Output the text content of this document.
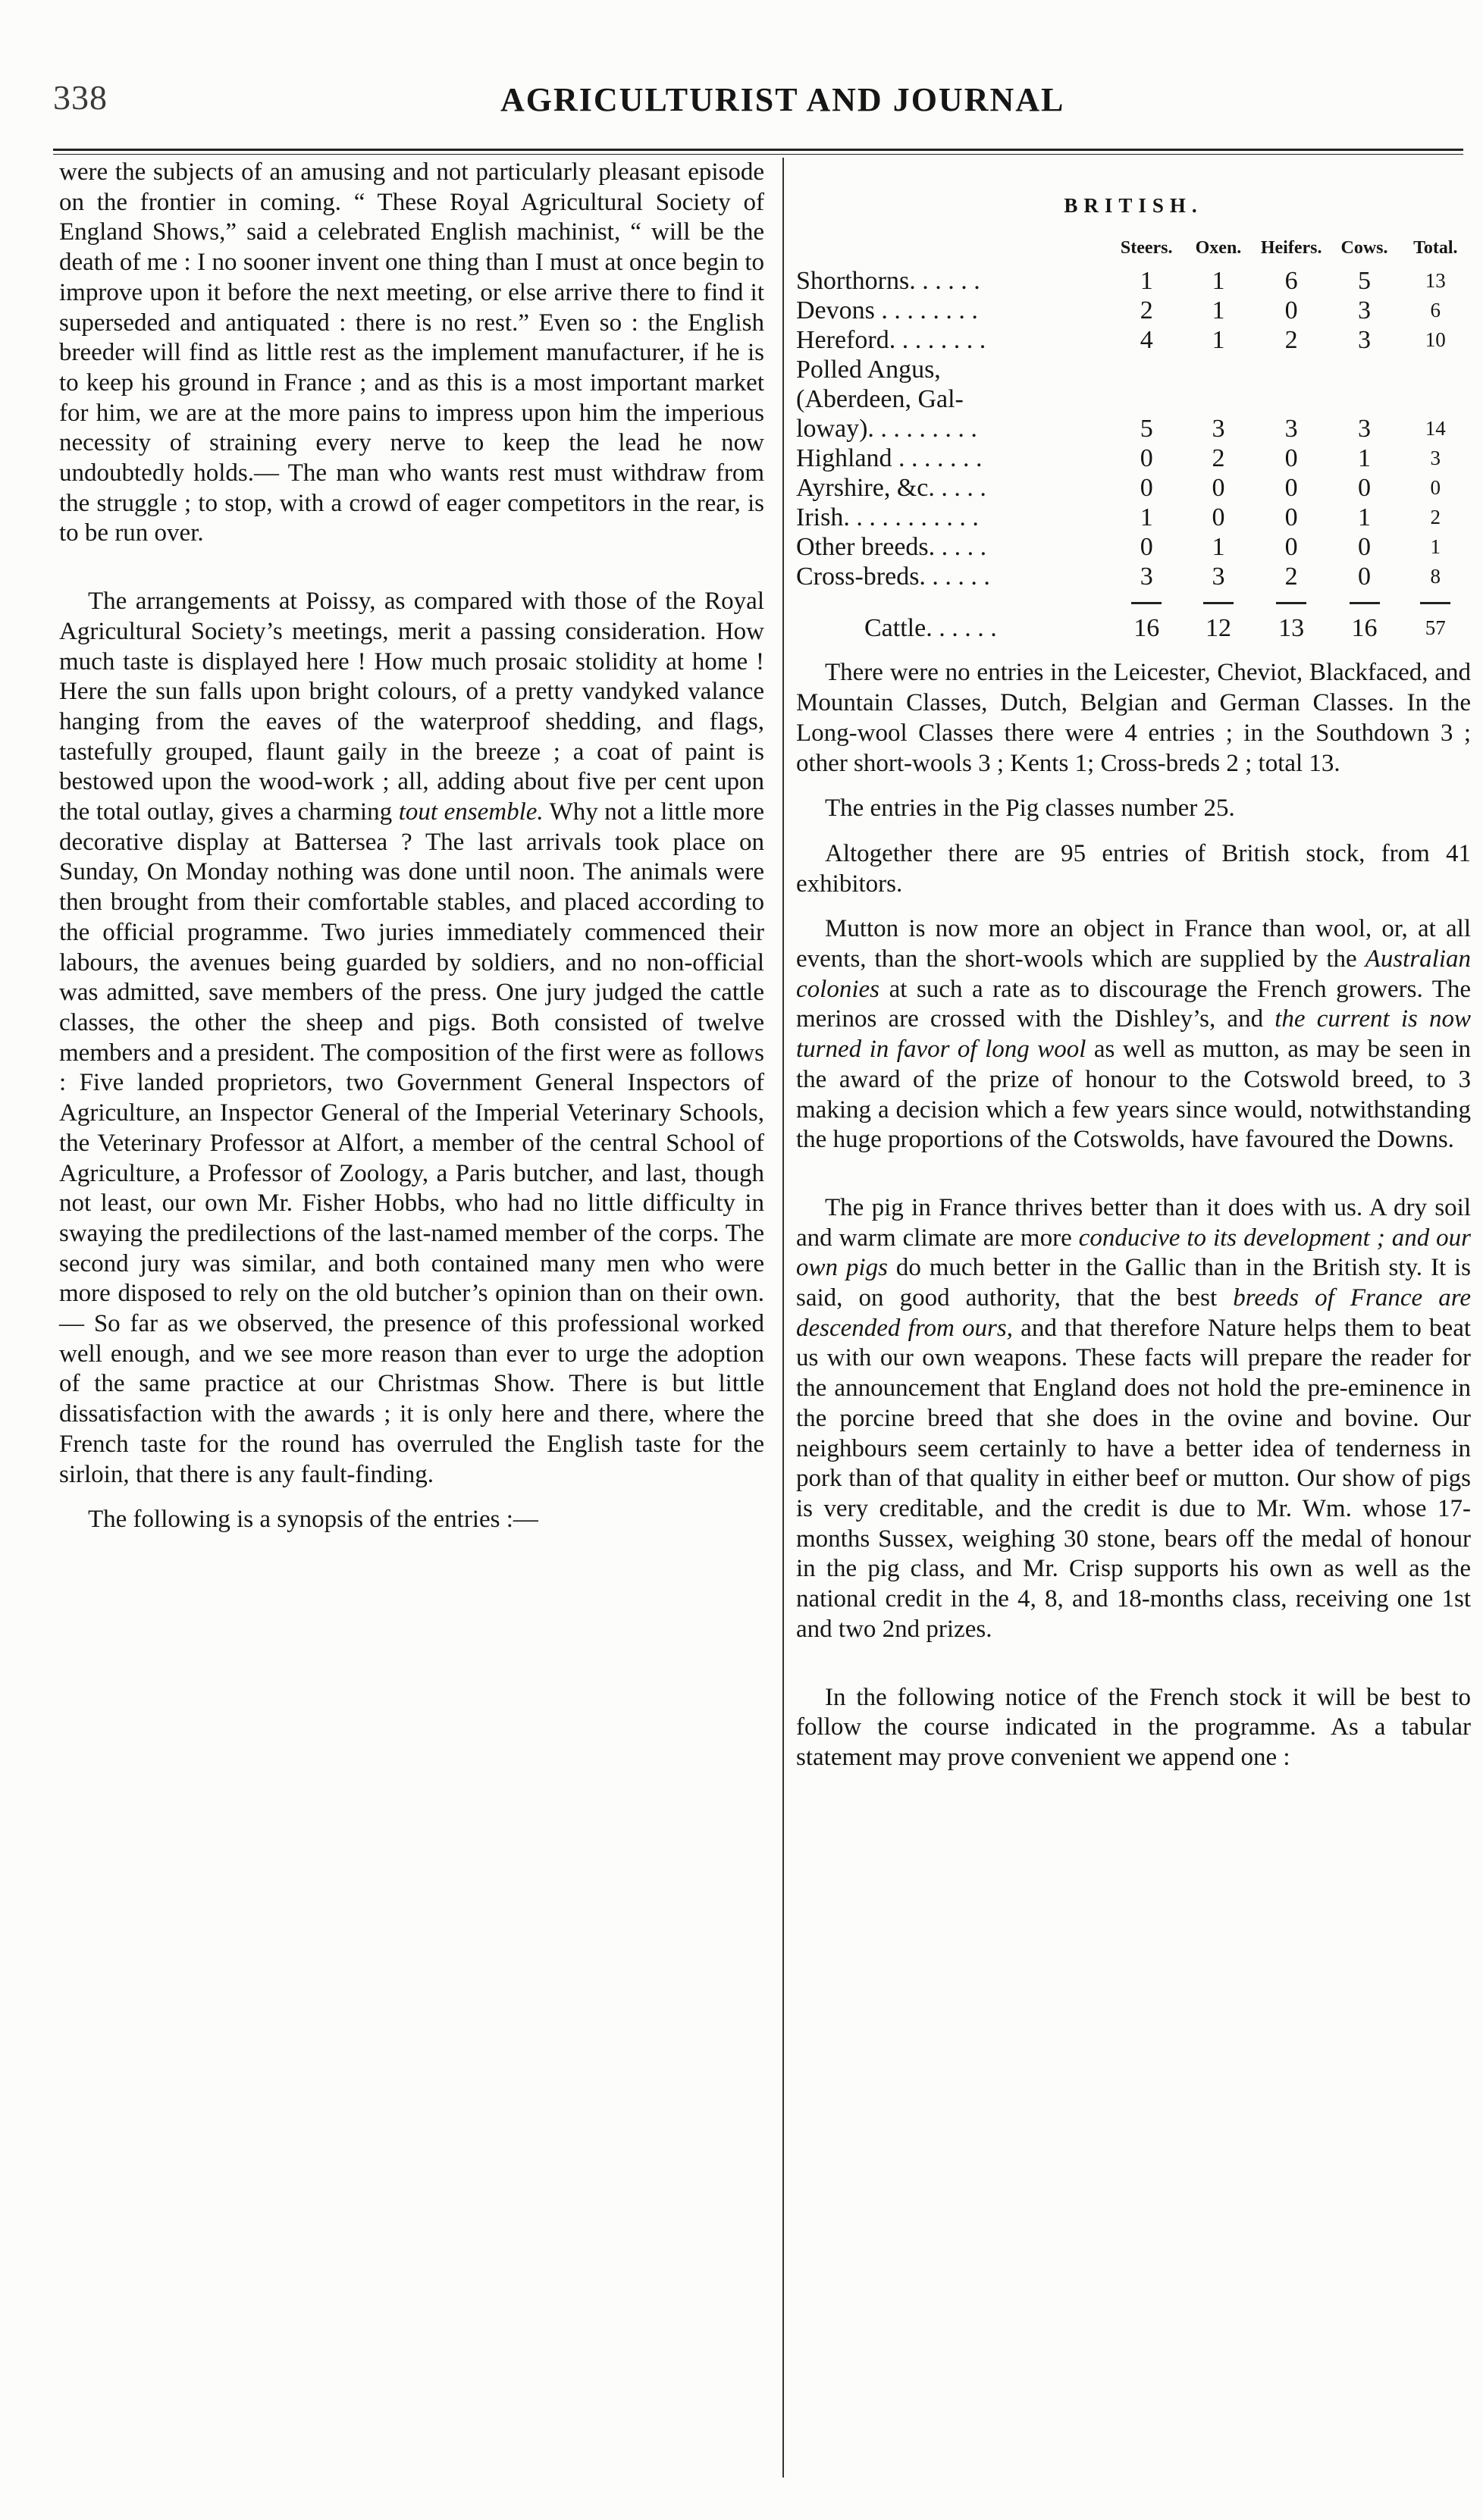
338	AGRICULTURIST AND JOURNAL

were the subjects of an amusing and not particularly pleasant episode on the frontier in coming. “ These Royal Agricultural Society of England Shows,” said a celebrated English machinist, “ will be the death of me : I no sooner invent one thing than I must at once begin to improve upon it before the next meeting, or else arrive there to find it superseded and antiquated : there is no rest.” Even so : the English breeder will find as little rest as the implement manufacturer, if he is to keep his ground in France ; and as this is a most important market for him, we are at the more pains to impress upon him the imperious necessity of straining every nerve to keep the lead he now undoubtedly holds.— The man who wants rest must withdraw from the struggle ; to stop, with a crowd of eager competitors in the rear, is to be run over.

The arrangements at Poissy, as compared with those of the Royal Agricultural Society’s meetings, merit a passing consideration. How much taste is displayed here ! How much prosaic stolidity at home ! Here the sun falls upon bright colours, of a pretty vandyked valance hanging from the eaves of the waterproof shedding, and flags, tastefully grouped, flaunt gaily in the breeze ; a coat of paint is bestowed upon the wood-work ; all, adding about five per cent upon the total outlay, gives a charming tout ensemble. Why not a little more decorative display at Battersea ? The last arrivals took place on Sunday, On Monday nothing was done until noon. The animals were then brought from their comfortable stables, and placed according to the official programme. Two juries immediately commenced their labours, the avenues being guarded by soldiers, and no non-official was admitted, save members of the press. One jury judged the cattle classes, the other the sheep and pigs. Both consisted of twelve members and a president. The composition of the first were as follows : Five landed proprietors, two Government General Inspectors of Agriculture, an Inspector General of the Imperial Veterinary Schools, the Veterinary Professor at Alfort, a member of the central School of Agriculture, a Professor of Zoology, a Paris butcher, and last, though not least, our own Mr. Fisher Hobbs, who had no little difficulty in swaying the predilections of the last-named member of the corps. The second jury was similar, and both contained many men who were more disposed to rely on the old butcher’s opinion than on their own.— So far as we observed, the presence of this professional worked well enough, and we see more reason than ever to urge the adoption of the same practice at our Christmas Show. There is but little dissatisfaction with the awards ; it is only here and there, where the French taste for the round has overruled the English taste for the sirloin, that there is any fault-finding.

The following is a synopsis of the entries :—

BRITISH.
	Steers.	Oxen.	Heifers.	Cows.	Total.
Shorthorns. . . . . .	1	1	6	5	13
Devons . . . . . . . .	2	1	0	3	6
Hereford. . . . . . . .	4	1	2	3	10
Polled Angus,					
(Aberdeen, Gal-					
loway). . . . . . . . .	5	3	3	3	14
Highland . . . . . . .	0	2	0	1	3
Ayrshire, &c. . . . .	0	0	0	0	0
Irish. . . . . . . . . . .	1	0	0	1	2
Other breeds. . . . .	0	1	0	0	1
Cross-breds. . . . . .	3	3	2	0	8

Cattle. . . . . .	16	12	13	16	57

There were no entries in the Leicester, Cheviot, Blackfaced, and Mountain Classes, Dutch, Belgian and German Classes. In the Long-wool Classes there were 4 entries ; in the Southdown 3 ; other short-wools 3 ; Kents 1; Cross-breds 2 ; total 13.

The entries in the Pig classes number 25.

Altogether there are 95 entries of British stock, from 41 exhibitors.

Mutton is now more an object in France than wool, or, at all events, than the short-wools which are supplied by the Australian colonies at such a rate as to discourage the French growers. The merinos are crossed with the Dishley’s, and the current is now turned in favor of long wool as well as mutton, as may be seen in the award of the prize of honour to the Cotswold breed, to 3 making a decision which a few years since would, notwithstanding the huge proportions of the Cotswolds, have favoured the Downs.

The pig in France thrives better than it does with us. A dry soil and warm climate are more conducive to its development ; and our own pigs do much better in the Gallic than in the British sty. It is said, on good authority, that the best breeds of France are descended from ours, and that therefore Nature helps them to beat us with our own weapons. These facts will prepare the reader for the announcement that England does not hold the pre-eminence in the porcine breed that she does in the ovine and bovine. Our neighbours seem certainly to have a better idea of tenderness in pork than of that quality in either beef or mutton. Our show of pigs is very creditable, and the credit is due to Mr. Wm. whose 17-months Sussex, weighing 30 stone, bears off the medal of honour in the pig class, and Mr. Crisp supports his own as well as the national credit in the 4, 8, and 18-months class, receiving one 1st and two 2nd prizes.

In the following notice of the French stock it will be best to follow the course indicated in the programme. As a tabular statement may prove convenient we append one :
